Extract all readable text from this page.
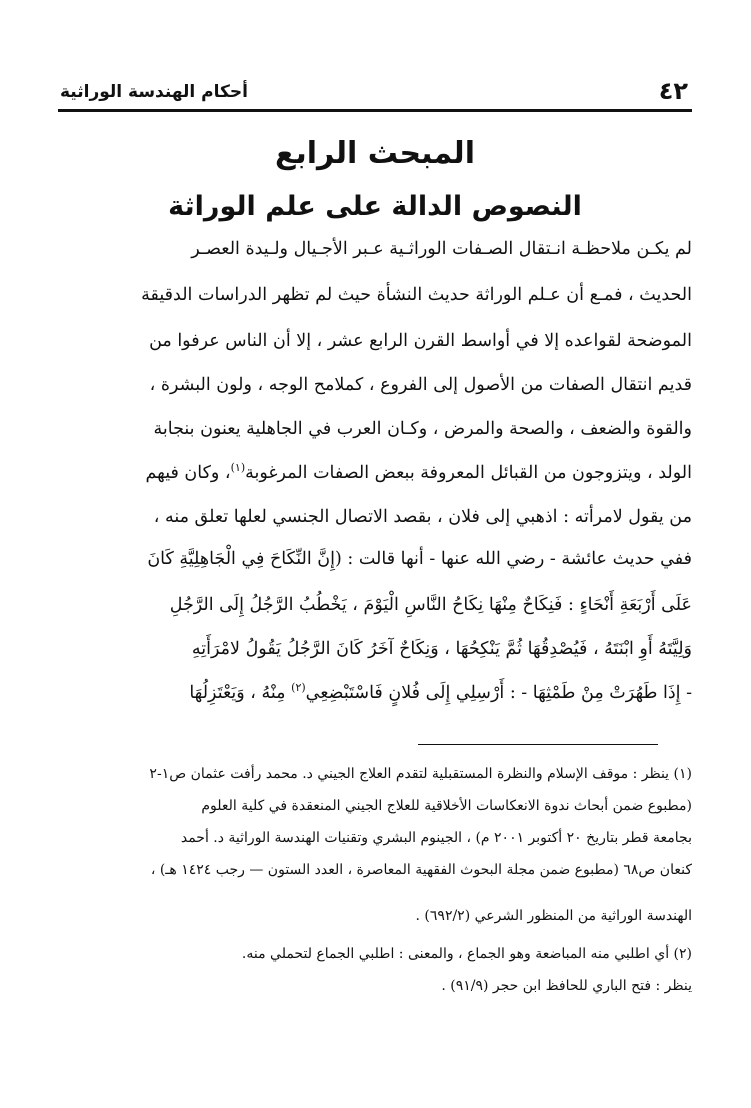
٤٢
أحكام الهندسة الوراثية
المبحث الرابع
النصوص الدالة على علم الوراثة
لم يكـن ملاحظـة انـتقال الصـفات الوراثـية عـبر الأجـيال ولـيدة العصـر
الحديث ، فمـع أن عـلم الوراثة حديث النشأة حيث لم تظهر الدراسات الدقيقة
الموضحة لقواعده إلا في أواسط القرن الرابع عشر ، إلا أن الناس عرفوا من
قديم انتقال الصفات من الأصول إلى الفروع ، كملامح الوجه ، ولون البشرة ،
والقوة والضعف ، والصحة والمرض ، وكـان العرب في الجاهلية يعنون بنجابة
الولد ، ويتزوجون من القبائل المعروفة ببعض الصفات المرغوبة$^{(١)}$، وكان فيهم
من يقول لامرأته : اذهبي إلى فلان ، بقصد الاتصال الجنسي لعلها تعلق منه ،
ففي حديث عائشة - رضي الله عنها - أنها قالت : (إِنَّ النِّكَاحَ فِي الْجَاهِلِيَّةِ كَانَ
عَلَى أَرْبَعَةِ أَنْحَاءٍ : فَنِكَاحٌ مِنْهَا نِكَاحُ النَّاسِ الْيَوْمَ ، يَخْطُبُ الرَّجُلُ إِلَى الرَّجُلِ
وَلِيَّتَهُ أَوِ ابْنَتَهُ ، فَيُصْدِقُهَا ثُمَّ يَنْكِحُهَا ، وَنِكَاحٌ آخَرُ كَانَ الرَّجُلُ يَقُولُ لامْرَأَتِهِ
- إِذَا طَهُرَتْ مِنْ طَمْثِهَا - : أَرْسِلِي إِلَى فُلانٍ فَاسْتَبْضِعِي$^{(٢)}$ مِنْهُ ، وَيَعْتَزِلُهَا
(١) ينظر : موقف الإسلام والنظرة المستقبلية لتقدم العلاج الجيني د. محمد رأفت عثمان ص١-٢
(مطبوع ضمن أبحاث ندوة الانعكاسات الأخلاقية للعلاج الجيني المنعقدة في كلية العلوم
بجامعة قطر بتاريخ ٢٠ أكتوبر ٢٠٠١ م) ، الجينوم البشري وتقنيات الهندسة الوراثية د. أحمد
كنعان ص٦٨ (مطبوع ضمن مجلة البحوث الفقهية المعاصرة ، العدد الستون — رجب ١٤٢٤ هـ) ،
الهندسة الوراثية من المنظور الشرعي (٦٩٢/٢) .
(٢) أي اطلبي منه المباضعة وهو الجماع ، والمعنى : اطلبي الجماع لتحملي منه.
ينظر : فتح الباري للحافظ ابن حجر (٩١/٩) .
